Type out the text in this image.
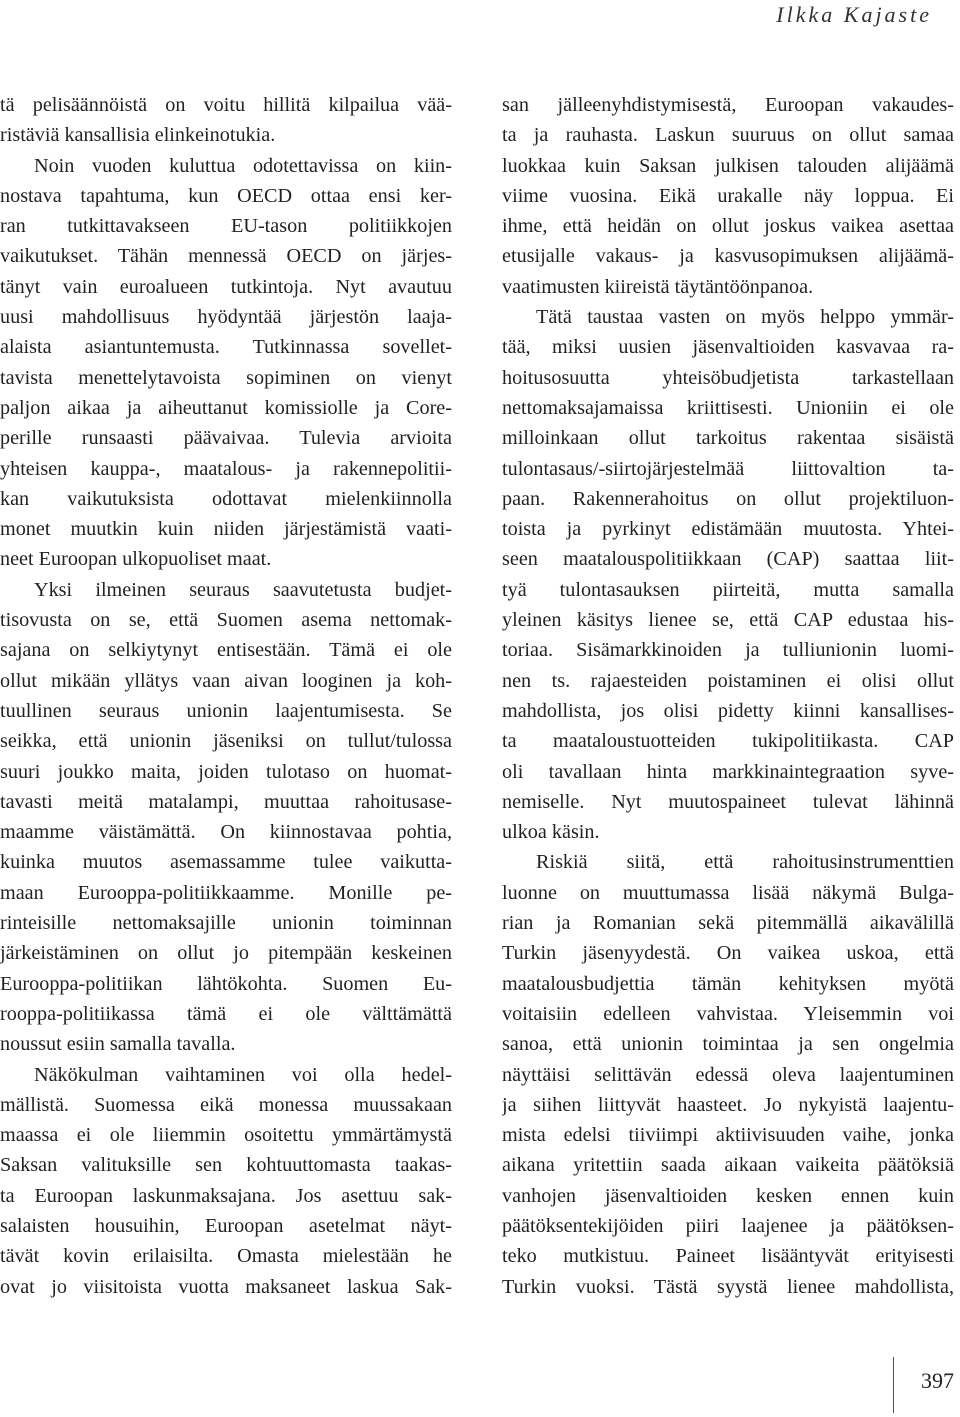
Ilkka Kajaste
tä pelisäännöistä on voitu hillitä kilpailua vää-
ristäviä kansallisia elinkeinotukia.
Noin vuoden kuluttua odotettavissa on kiin-
nostava tapahtuma, kun OECD ottaa ensi ker-
ran tutkittavakseen EU-tason politiikkojen
vaikutukset. Tähän mennessä OECD on järjes-
tänyt vain euroalueen tutkintoja. Nyt avautuu
uusi mahdollisuus hyödyntää järjestön laaja-
alaista asiantuntemusta. Tutkinnassa sovellet-
tavista menettelytavoista sopiminen on vienyt
paljon aikaa ja aiheuttanut komissiolle ja Core-
perille runsaasti päävaivaa. Tulevia arvioita
yhteisen kauppa-, maatalous- ja rakennepolitii-
kan vaikutuksista odottavat mielenkiinnolla
monet muutkin kuin niiden järjestämistä vaati-
neet Euroopan ulkopuoliset maat.
Yksi ilmeinen seuraus saavutetusta budjet-
tisovusta on se, että Suomen asema nettomak-
sajana on selkiytynyt entisestään. Tämä ei ole
ollut mikään yllätys vaan aivan looginen ja koh-
tuullinen seuraus unionin laajentumisesta. Se
seikka, että unionin jäseniksi on tullut/tulossa
suuri joukko maita, joiden tulotaso on huomat-
tavasti meitä matalampi, muuttaa rahoitusase-
maamme väistämättä. On kiinnostavaa pohtia,
kuinka muutos asemassamme tulee vaikutta-
maan Eurooppa-politiikkaamme. Monille pe-
rinteisille nettomaksajille unionin toiminnan
järkeistäminen on ollut jo pitempään keskeinen
Eurooppa-politiikan lähtökohta. Suomen Eu-
rooppa-politiikassa tämä ei ole välttämättä
noussut esiin samalla tavalla.
Näkökulman vaihtaminen voi olla hedel-
mällistä. Suomessa eikä monessa muussakaan
maassa ei ole liiemmin osoitettu ymmärtämystä
Saksan valituksille sen kohtuuttomasta taakas-
ta Euroopan laskunmaksajana. Jos asettuu sak-
salaisten housuihin, Euroopan asetelmat näyt-
tävät kovin erilaisilta. Omasta mielestään he
ovat jo viisitoista vuotta maksaneet laskua Sak-
san jälleenyhdistymisestä, Euroopan vakaudes-
ta ja rauhasta. Laskun suuruus on ollut samaa
luokkaa kuin Saksan julkisen talouden alijäämä
viime vuosina. Eikä urakalle näy loppua. Ei
ihme, että heidän on ollut joskus vaikea asettaa
etusijalle vakaus- ja kasvusopimuksen alijäämä-
vaatimusten kiireistä täytäntöönpanoa.
Tätä taustaa vasten on myös helppo ymmär-
tää, miksi uusien jäsenvaltioiden kasvavaa ra-
hoitusosuutta yhteisöbudjetista tarkastellaan
nettomaksajamaissa kriittisesti. Unioniin ei ole
milloinkaan ollut tarkoitus rakentaa sisäistä
tulontasaus/-siirtojärjestelmää liittovaltion ta-
paan. Rakennerahoitus on ollut projektiluon-
toista ja pyrkinyt edistämään muutosta. Yhtei-
seen maatalouspolitiikkaan (CAP) saattaa liit-
tyä tulontasauksen piirteitä, mutta samalla
yleinen käsitys lienee se, että CAP edustaa his-
toriaa. Sisämarkkinoiden ja tulliunionin luomi-
nen ts. rajaesteiden poistaminen ei olisi ollut
mahdollista, jos olisi pidetty kiinni kansallises-
ta maataloustuotteiden tukipolitiikasta. CAP
oli tavallaan hinta markkinaintegraation syve-
nemiselle. Nyt muutospaineet tulevat lähinnä
ulkoa käsin.
Riskiä siitä, että rahoitusinstrumenttien
luonne on muuttumassa lisää näkymä Bulga-
rian ja Romanian sekä pitemmällä aikavälillä
Turkin jäsenyydestä. On vaikea uskoa, että
maatalousbudjettia tämän kehityksen myötä
voitaisiin edelleen vahvistaa. Yleisemmin voi
sanoa, että unionin toimintaa ja sen ongelmia
näyttäisi selittävän edessä oleva laajentuminen
ja siihen liittyvät haasteet. Jo nykyistä laajentu-
mista edelsi tiiviimpi aktiivisuuden vaihe, jonka
aikana yritettiin saada aikaan vaikeita päätöksiä
vanhojen jäsenvaltioiden kesken ennen kuin
päätöksentekijöiden piiri laajenee ja päätöksen-
teko mutkistuu. Paineet lisääntyvät erityisesti
Turkin vuoksi. Tästä syystä lienee mahdollista,
397
